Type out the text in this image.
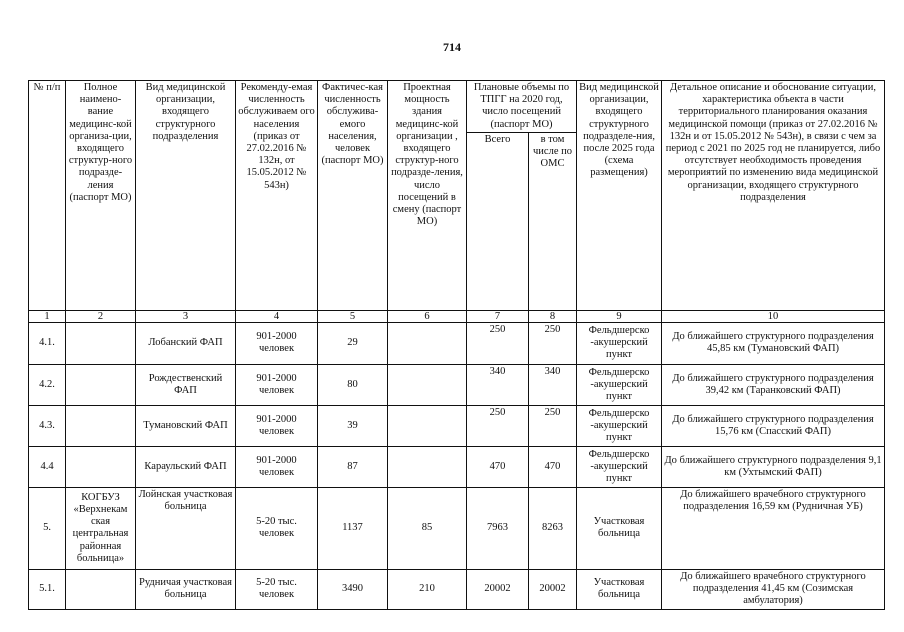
714
№ п/п	Полное наимено-вание медицинс-кой организа-ции, входящего структур-ного подразде-ления (паспорт МО)	Вид медицинской организации, входящего структурного подразделения	Рекоменду-емая численность обслуживаем ого населения (приказ от 27.02.2016 № 132н, от 15.05.2012 № 543н)	Фактичес-кая численность обслужива-емого населения, человек (паспорт МО)	Проектная мощность здания медицинс-кой организации , входящего структур-ного подразде-ления, число посещений в смену (паспорт МО)	Плановые объемы по ТПГГ на 2020 год, число посещений (паспорт МО)		Вид медицинской организации, входящего структурного подразделе-ния, после 2025 года (схема размещения)	Детальное описание и обоснование ситуации, характеристика объекта в части территориального планирования оказания медицинской помощи (приказ от 27.02.2016 № 132н и от 15.05.2012 № 543н), в связи с чем за период с 2021 по 2025 год не планируется, либо отсутствует необходимость проведения мероприятий по изменению вида медицинской организации, входящего структурного подразделения
						Всего	в том числе по ОМС		
1	2	3	4	5	6	7	8	9	10
4.1.		Лобанский ФАП	901-2000 человек	29		250	250	Фельдшерско -акушерский пункт	До ближайшего структурного подразделения 45,85 км (Тумановский ФАП)
4.2.		Рождественский ФАП	901-2000 человек	80		340	340	Фельдшерско -акушерский пункт	До ближайшего структурного подразделения 39,42 км (Таранковский ФАП)
4.3.		Тумановский ФАП	901-2000 человек	39		250	250	Фельдшерско -акушерский пункт	До ближайшего структурного подразделения 15,76 км (Спасский ФАП)
4.4		Караульский ФАП	901-2000 человек	87		470	470	Фельдшерско -акушерский пункт	До ближайшего структурного подразделения 9,1 км (Ухтымский ФАП)
5.	КОГБУЗ «Верхнекам ская центральная районная больница»	Лойнская участковая больница	5-20 тыс. человек	1137	85	7963	8263	Участковая больница	До ближайшего врачебного структурного подразделения 16,59 км (Рудничная УБ)
5.1.		Рудничая участковая больница	5-20 тыс. человек	3490	210	20002	20002	Участковая больница	До ближайшего врачебного структурного подразделения 41,45 км (Созимская амбулатория)
